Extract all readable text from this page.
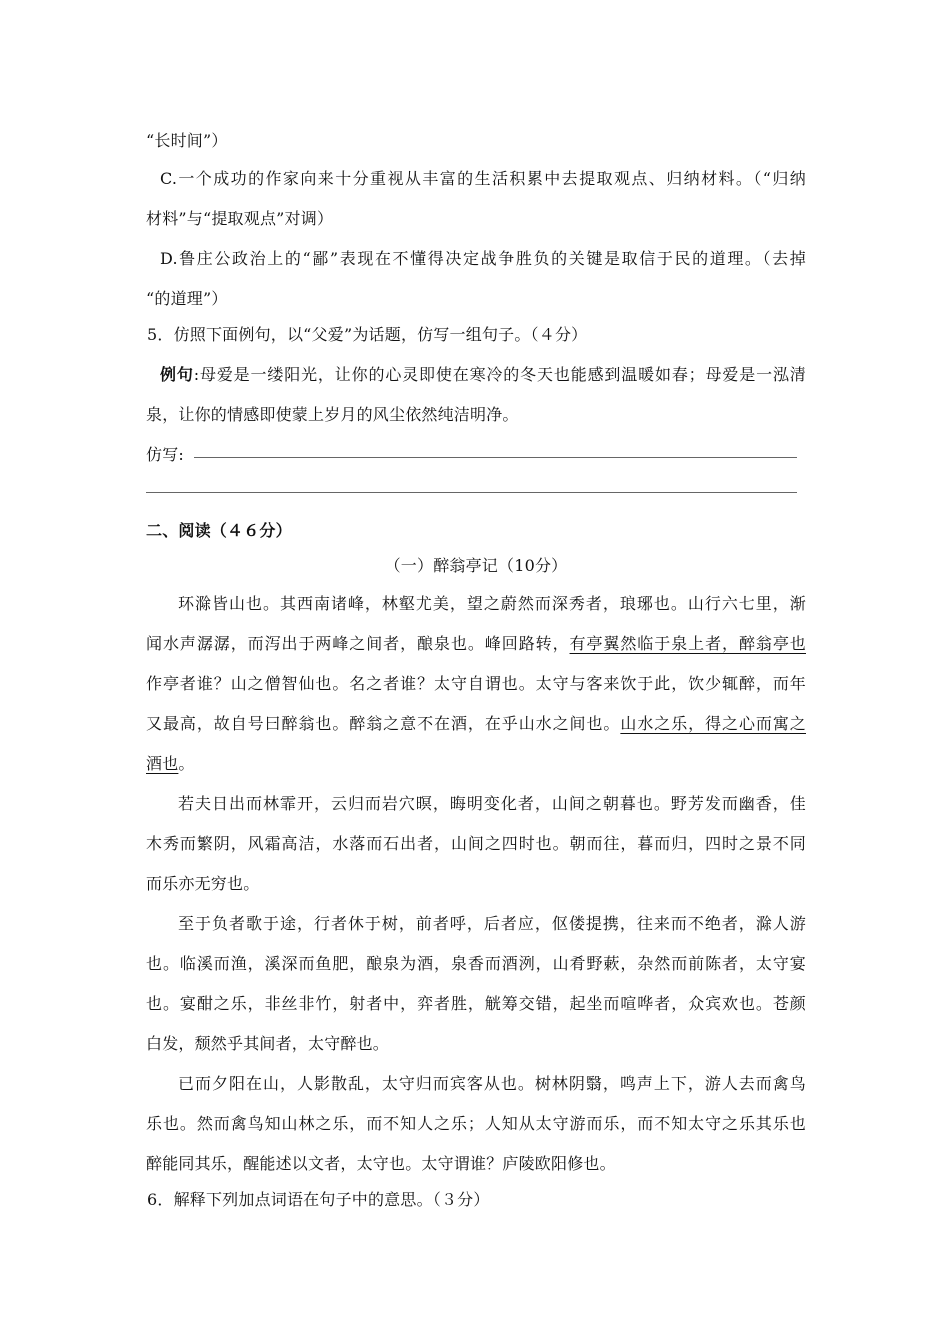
“长时间”）
C.一个成功的作家向来十分重视从丰富的生活积累中去提取观点、归纳材料。（“归纳
材料”与“提取观点”对调）
D.鲁庄公政治上的“鄙”表现在不懂得决定战争胜负的关键是取信于民的道理。（去掉
“的道理”）
5．仿照下面例句，以“父爱”为话题，仿写一组句子。（４分）
例句:母爱是一缕阳光，让你的心灵即使在寒冷的冬天也能感到温暖如春；母爱是一泓清
泉，让你的情感即使蒙上岁月的风尘依然纯洁明净。
仿写:
二、阅读（４６分）
（一）醉翁亭记（10分）
环滁皆山也。其西南诸峰，林壑尤美，望之蔚然而深秀者，琅琊也。山行六七里，渐
闻水声潺潺，而泻出于两峰之间者，酿泉也。峰回路转，有亭翼然临于泉上者，醉翁亭也
作亭者谁？山之僧智仙也。名之者谁？太守自谓也。太守与客来饮于此，饮少辄醉，而年
又最高，故自号曰醉翁也。醉翁之意不在酒，在乎山水之间也。山水之乐，得之心而寓之
酒也。
若夫日出而林霏开，云归而岩穴暝，晦明变化者，山间之朝暮也。野芳发而幽香，佳
木秀而繁阴，风霜高洁，水落而石出者，山间之四时也。朝而往，暮而归，四时之景不同
而乐亦无穷也。
至于负者歌于途，行者休于树，前者呼，后者应，伛偻提携，往来而不绝者，滁人游
也。临溪而渔，溪深而鱼肥，酿泉为酒，泉香而酒洌，山肴野蔌，杂然而前陈者，太守宴
也。宴酣之乐，非丝非竹，射者中，弈者胜，觥筹交错，起坐而喧哗者，众宾欢也。苍颜
白发，颓然乎其间者，太守醉也。
已而夕阳在山，人影散乱，太守归而宾客从也。树林阴翳，鸣声上下，游人去而禽鸟
乐也。然而禽鸟知山林之乐，而不知人之乐；人知从太守游而乐，而不知太守之乐其乐也
醉能同其乐，醒能述以文者，太守也。太守谓谁？庐陵欧阳修也。
6．解释下列加点词语在句子中的意思。（３分）
